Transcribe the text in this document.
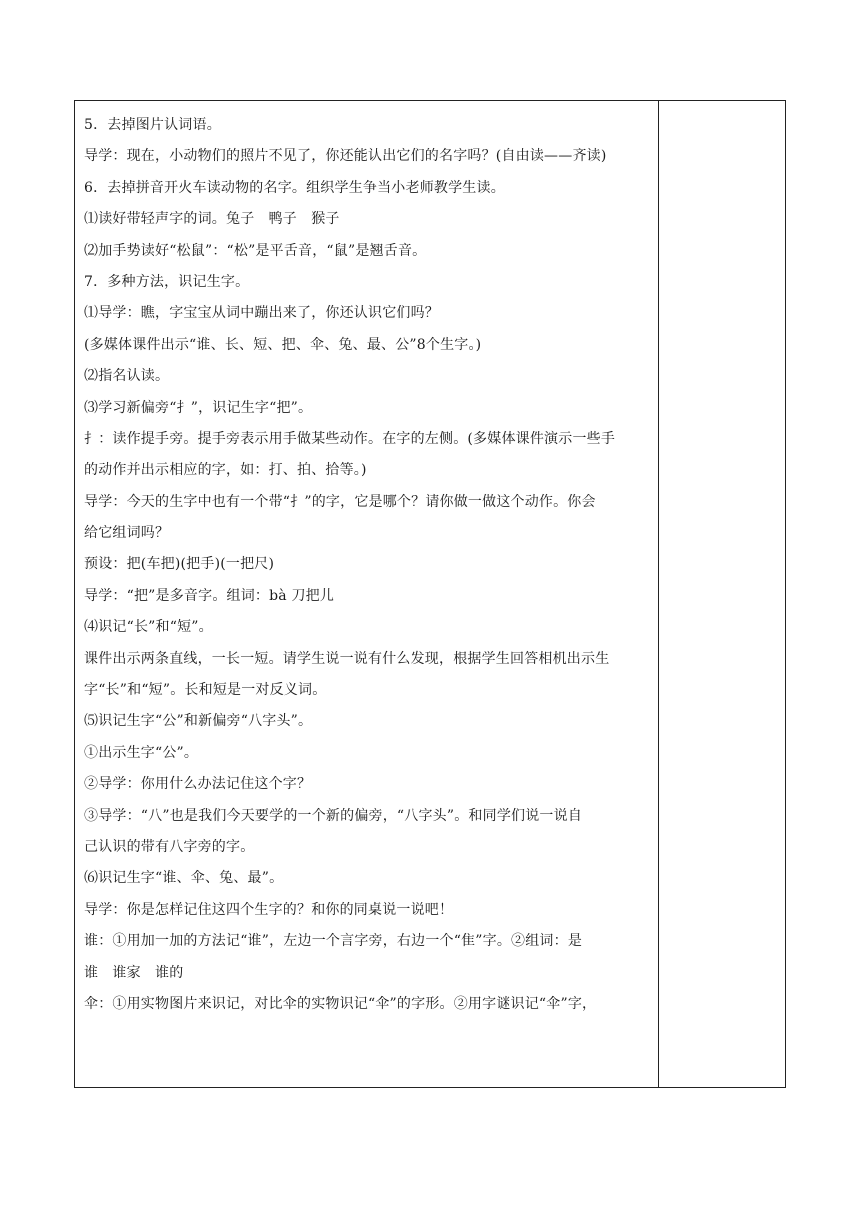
5．去掉图片认词语。
导学：现在，小动物们的照片不见了，你还能认出它们的名字吗？(自由读——齐读)
6．去掉拼音开火车读动物的名字。组织学生争当小老师教学生读。
⑴读好带轻声字的词。兔子　鸭子　猴子
⑵加手势读好“松鼠”：“松”是平舌音，“鼠”是翘舌音。
7．多种方法，识记生字。
⑴导学：瞧，字宝宝从词中蹦出来了，你还认识它们吗？
(多媒体课件出示“谁、长、短、把、伞、兔、最、公”8个生字。)
⑵指名认读。
⑶学习新偏旁“扌”，识记生字“把”。
扌：读作提手旁。提手旁表示用手做某些动作。在字的左侧。(多媒体课件演示一些手
的动作并出示相应的字，如：打、拍、拾等。)
导学：今天的生字中也有一个带“扌”的字，它是哪个？请你做一做这个动作。你会
给它组词吗？
预设：把(车把)(把手)(一把尺)
导学：“把”是多音字。组词：bà 刀把儿
⑷识记“长”和“短”。
课件出示两条直线，一长一短。请学生说一说有什么发现，根据学生回答相机出示生
字“长”和“短”。长和短是一对反义词。
⑸识记生字“公”和新偏旁“八字头”。
①出示生字“公”。
②导学：你用什么办法记住这个字？
③导学：“八”也是我们今天要学的一个新的偏旁，“八字头”。和同学们说一说自
己认识的带有八字旁的字。
⑹识记生字“谁、伞、兔、最”。
导学：你是怎样记住这四个生字的？和你的同桌说一说吧！
谁：①用加一加的方法记“谁”，左边一个言字旁，右边一个“隹”字。②组词：是
谁　谁家　谁的
伞：①用实物图片来识记，对比伞的实物识记“伞”的字形。②用字谜识记“伞”字，
